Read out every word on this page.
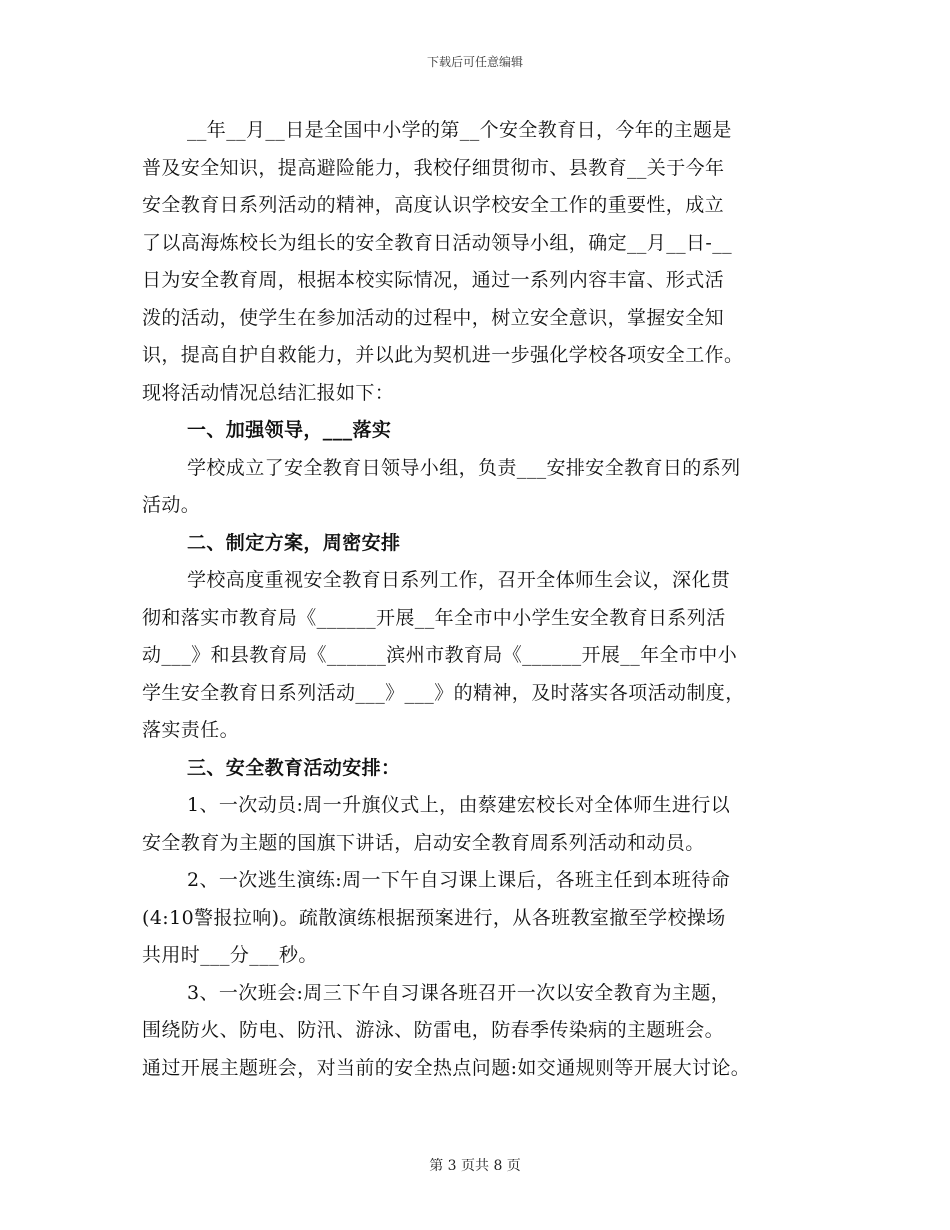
下载后可任意编辑
__年__月__日是全国中小学的第__个安全教育日，今年的主题是
普及安全知识，提高避险能力，我校仔细贯彻市、县教育__关于今年
安全教育日系列活动的精神，高度认识学校安全工作的重要性，成立
了以高海炼校长为组长的安全教育日活动领导小组，确定__月__日-__
日为安全教育周，根据本校实际情况，通过一系列内容丰富、形式活
泼的活动，使学生在参加活动的过程中，树立安全意识，掌握安全知
识，提高自护自救能力，并以此为契机进一步强化学校各项安全工作。
现将活动情况总结汇报如下：
一、加强领导，___落实
学校成立了安全教育日领导小组，负责___安排安全教育日的系列
活动。
二、制定方案，周密安排
学校高度重视安全教育日系列工作，召开全体师生会议，深化贯
彻和落实市教育局《______开展__年全市中小学生安全教育日系列活
动___》和县教育局《______滨州市教育局《______开展__年全市中小
学生安全教育日系列活动___》___》的精神，及时落实各项活动制度，
落实责任。
三、安全教育活动安排：
1、一次动员:周一升旗仪式上，由蔡建宏校长对全体师生进行以
安全教育为主题的国旗下讲话，启动安全教育周系列活动和动员。
2、一次逃生演练:周一下午自习课上课后，各班主任到本班待命
(4:10警报拉响)。疏散演练根据预案进行，从各班教室撤至学校操场
共用时___分___秒。
3、一次班会:周三下午自习课各班召开一次以安全教育为主题，
围绕防火、防电、防汛、游泳、防雷电，防春季传染病的主题班会。
通过开展主题班会，对当前的安全热点问题:如交通规则等开展大讨论。
第 3 页共 8 页
